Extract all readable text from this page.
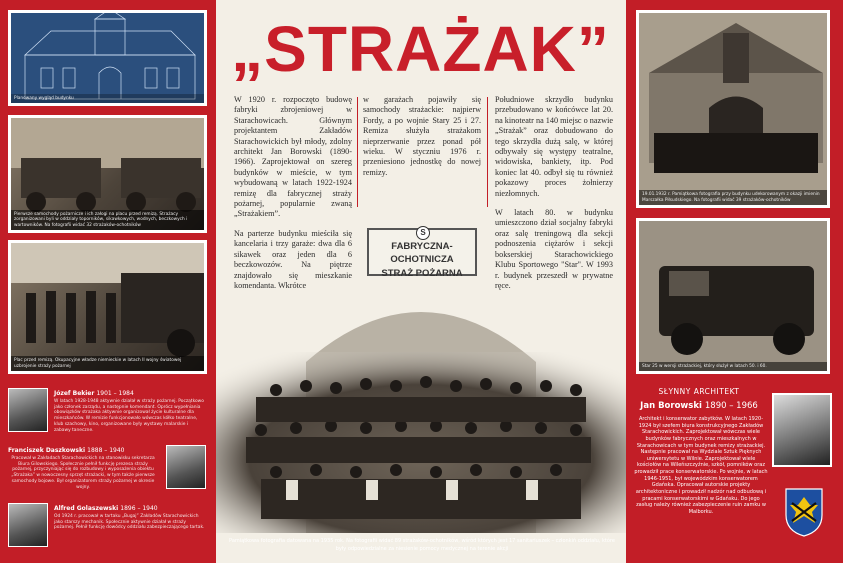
Planowany wygląd budynku
Pierwsze samochody pożarnicze i ich załogi na placu przed remizą. Strażacy zorganizowani byli w oddziały toporników, sikawkowych, wodnych, beczkowych i wartowników. Na fotografii widać 32 strażaków-ochotników
Plac przed remizą. Okupacyjne władze niemieckie w latach II wojny światowej uzbrojenie straży pożarnej
Józef Bekier 1901 – 1984
W latach 1928-1948 aktywnie działał w straży pożarnej. Początkowo jako członek zarządu, a następnie komendant. Oprócz wypełniania obowiązków strażaka aktywnie organizował życie kulturalne dla mieszkańców. W remizie funkcjonowało wówczas kółko teatralne, klub szachowy, kino, organizowane były wystawy malarskie i zabawy taneczne.
Franciszek Daszkowski 1888 – 1940
Pracował w Zakładach Starachowickich na stanowisku sekretarza Biura Gilowskiego. Społecznie pełnił funkcję prezesa straży pożarnej, przyczyniając się do rozbudowy i wyposażenia obiektu „Strażaka” w nowoczesny sprzęt strażacki, w tym także pierwsze samochody bojowe. Był organizatorem straży pożarnej w okresie wojny.
Alfred Golaszewski 1896 – 1940
Od 1924 r. pracował w tartaku „Bugaj” Zakładów Starachowickich jako starszy mechanik. Społecznie aktywnie działał w straży pożarnej. Pełnił funkcję dowódcy oddziału zabezpieczającego tartak.
„STRAŻAK”

W 1920 r. rozpoczęto budowę fabryki zbrojeniowej w Starachowicach. Głównym projektantem Zakładów Starachowickich był młody, zdolny architekt Jan Borowski (1890-1966). Zaprojektował on szereg budynków w mieście, w tym wybudowaną w latach 1922-1924 remizę dla fabrycznej straży pożarnej, popularnie zwaną „Strażakiem”.

Na parterze budynku mieściła się kancelaria i trzy garaże: dwa dla 6 sikawek oraz jeden dla 6 beczkowozów. Na piętrze znajdowało się mieszkanie komendanta. Wkrótce

w garażach pojawiły się samochody strażackie: najpierw Fordy, a po wojnie Stary 25 i 27. Remiza służyła strażakom nieprzerwanie przez ponad pół wieku. W styczniu 1976 r. przeniesiono jednostkę do nowej remizy.

Południowe skrzydło budynku przebudowano w końcówce lat 20. na kinoteatr na 140 miejsc o nazwie „Strażak” oraz dobudowano do tego skrzydła dużą salę, w której odbywały się występy teatralne, widowiska, bankiety, itp. Pod koniec lat 40. odbył się tu również pokazowy proces żołnierzy niezłomnych.

W latach 80. w budynku umieszczono dział socjalny fabryki oraz salę treningową dla sekcji podnoszenia ciężarów i sekcji bokserskiej Starachowickiego Klubu Sportowego "Star". W 1993 r. budynek przeszedł w prywatne ręce.

S
FABRYCZNA-OCHOTNICZA
STRAŻ POŻARNA
Pamiątkowa fotografia datowana na 1935 rok. Na fotografii widać 89 strażaków-ochotników, wśród których jest 17 sanitariuszek – członkiń oddziału, które były odpowiedzialne za niesienie pomocy medycznej na terenie akcji
19.01.1932 r. Pamiątkowa fotografia przy budynku udekorowanym z okazji imienin Marszałka Piłsudskiego. Na fotografii widać 39 strażaków-ochotników
Star 25 w wersji strażackiej, który służył w latach 50. i 60.
SŁYNNY ARCHITEKT
Jan Borowski 1890 – 1966
Architekt i konserwator zabytków. W latach 1920-1924 był szefem biura konstrukcyjnego Zakładów Starachowickich. Zaprojektował wówczas wiele budynków fabrycznych oraz mieszkalnych w Starachowicach w tym budynek remizy strażackiej. Następnie pracował na Wydziale Sztuk Pięknych uniwersytetu w Wilnie. Zaprojektował wiele kościołów na Wileńszczyźnie, szkół, pomników oraz prowadził prace konserwatorskie. Po wojnie, w latach 1946-1951, był wojewódzkim konserwatorem Gdańska. Opracował autorskie projekty architektoniczne i prowadził nadzór nad odbudową i pracami konserwatorskimi w Gdańsku. Do jego zasług należy również zabezpieczenie ruin zamku w Malborku.
